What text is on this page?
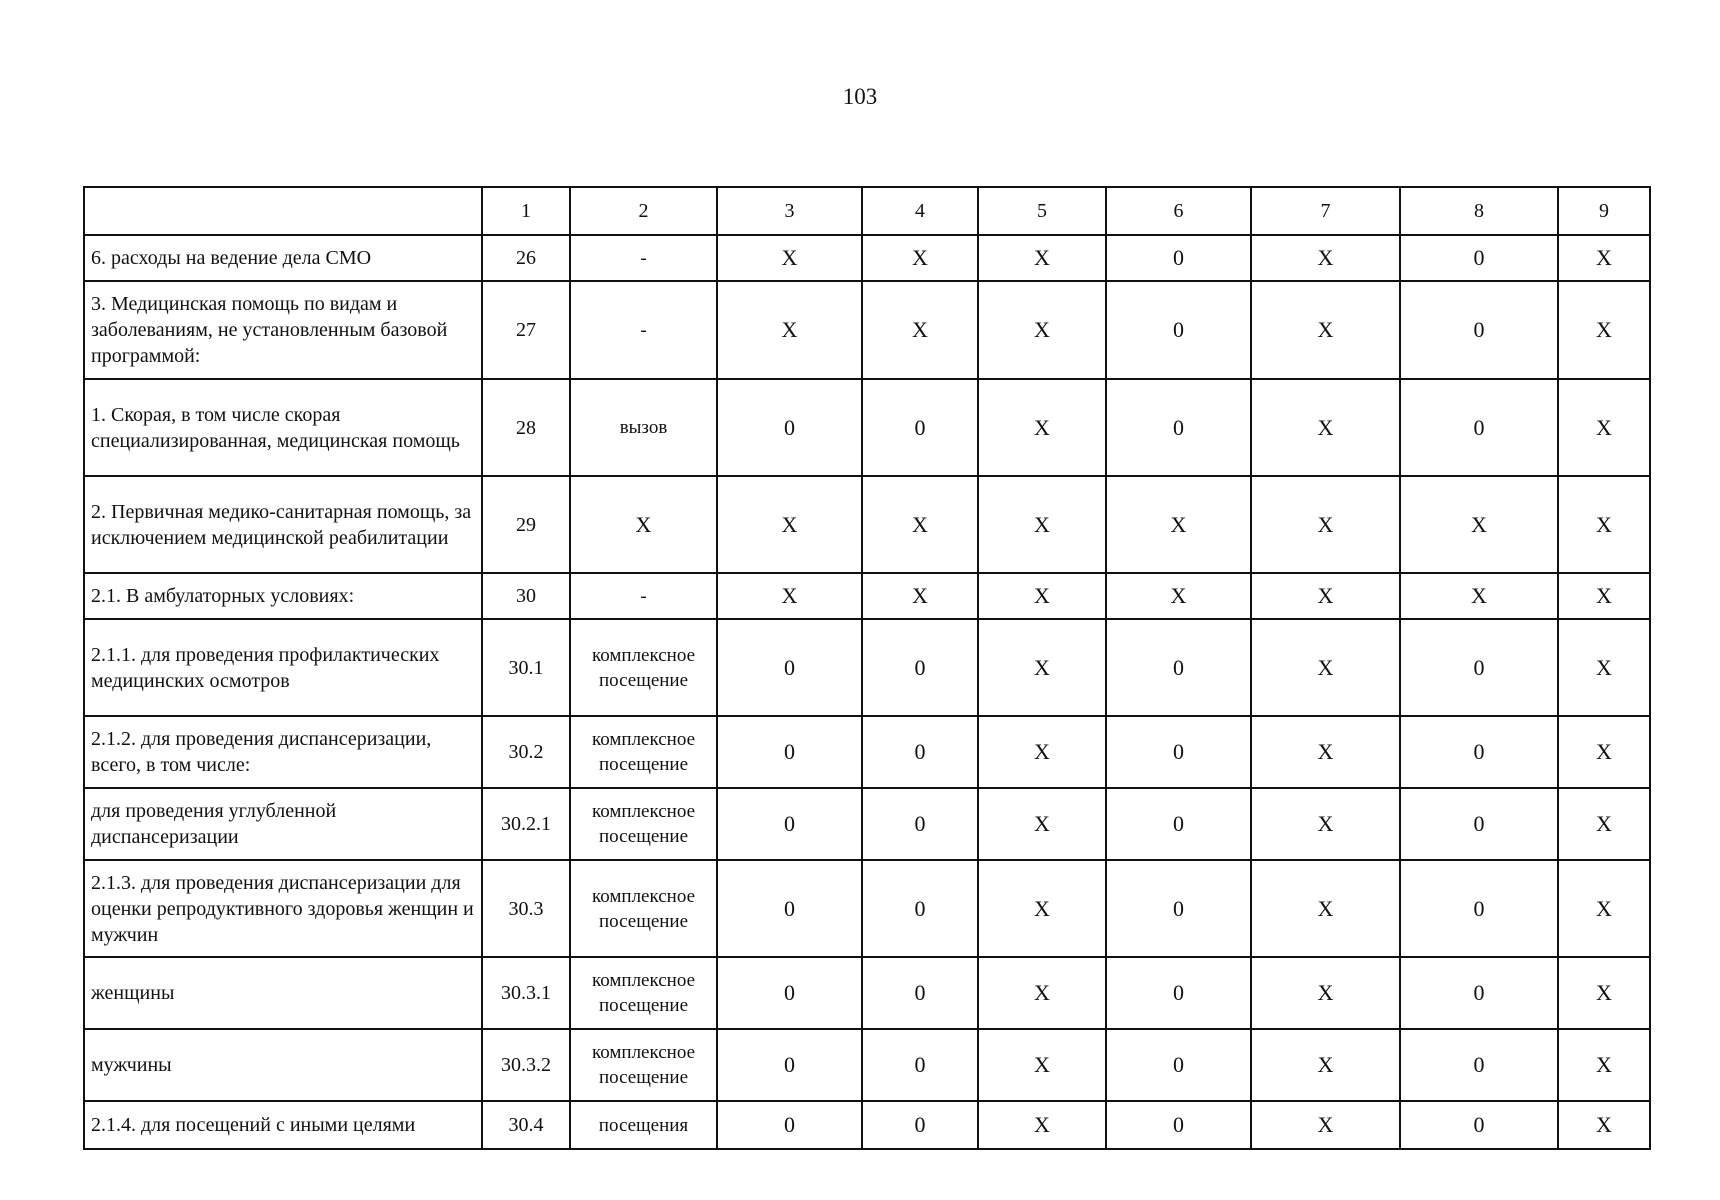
103
	1	2	3	4	5	6	7	8	9
6. расходы на ведение дела СМО	26	-	X	X	X	0	X	0	X
3. Медицинская помощь по видам и заболеваниям, не установленным базовой программой:	27	-	X	X	X	0	X	0	X
1. Скорая, в том числе скорая специализированная, медицинская помощь	28	вызов	0	0	X	0	X	0	X
2. Первичная медико-санитарная помощь, за исключением медицинской реабилитации	29	X	X	X	X	X	X	X	X
2.1. В амбулаторных условиях:	30	-	X	X	X	X	X	X	X
2.1.1. для проведения профилактических медицинских осмотров	30.1	комплексное посещение	0	0	X	0	X	0	X
2.1.2. для проведения диспансеризации, всего, в том числе:	30.2	комплексное посещение	0	0	X	0	X	0	X
для проведения углубленной диспансеризации	30.2.1	комплексное посещение	0	0	X	0	X	0	X
2.1.3. для проведения диспансеризации для оценки репродуктивного здоровья женщин и мужчин	30.3	комплексное посещение	0	0	X	0	X	0	X
женщины	30.3.1	комплексное посещение	0	0	X	0	X	0	X
мужчины	30.3.2	комплексное посещение	0	0	X	0	X	0	X
2.1.4. для посещений с иными целями	30.4	посещения	0	0	X	0	X	0	X
